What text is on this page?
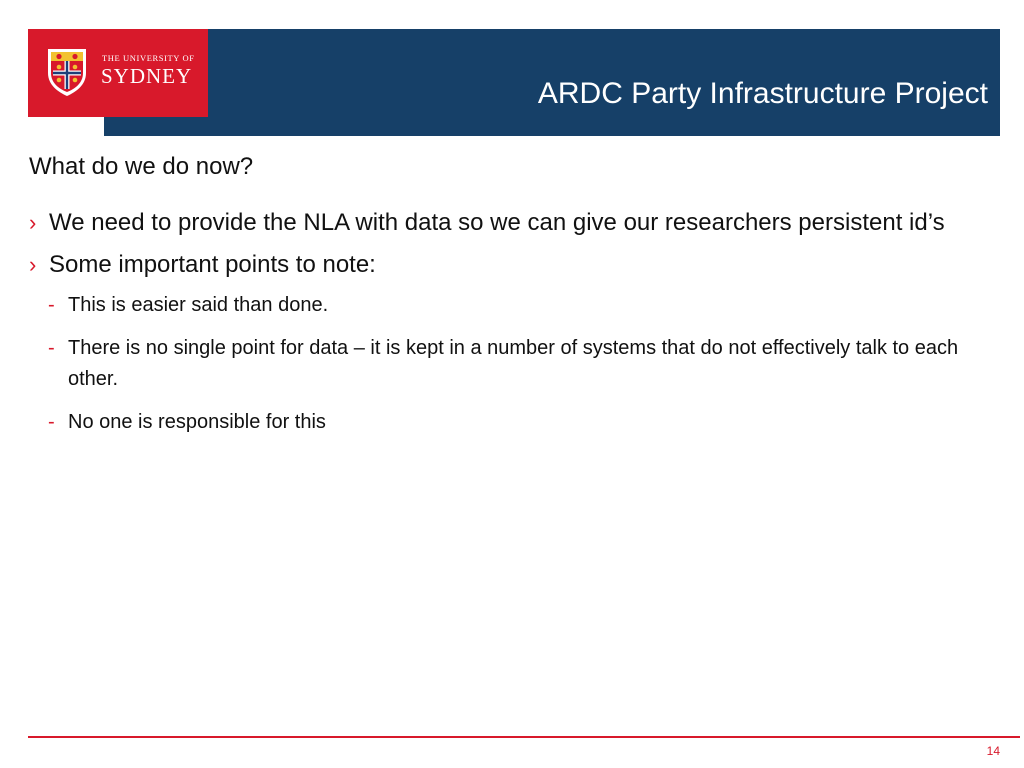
ARDC Party Infrastructure Project
THE UNIVERSITY OF
SYDNEY
What do we do now?
› We need to provide the NLA with data so we can give our researchers persistent id’s
› Some important points to note:
- This is easier said than done.
- There is no single point for data – it is kept in a number of systems that do not effectively talk to each other.
- No one is responsible for this
14
